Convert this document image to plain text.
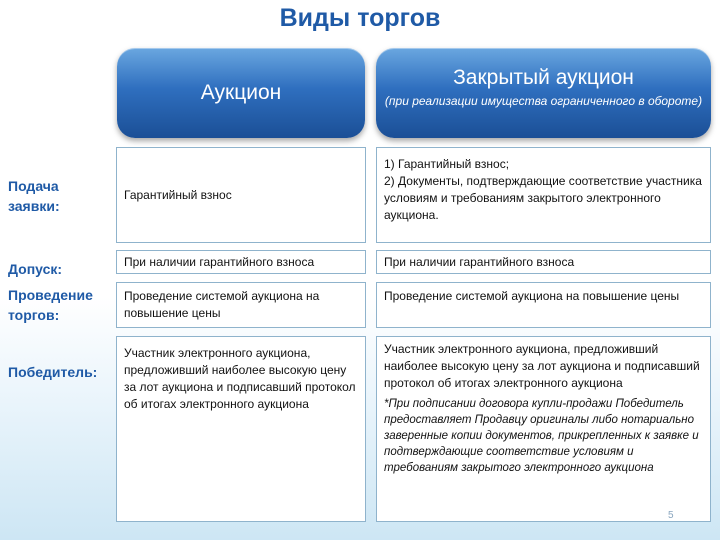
Виды торгов
Аукцион
Закрытый аукцион
(при реализации имущества ограниченного в обороте)
Подача заявки:
Гарантийный взнос
1) Гарантийный взнос;
2) Документы, подтверждающие соответствие участника условиям и требованиям закрытого электронного аукциона.
Допуск:	При наличии гарантийного взноса	При наличии гарантийного взноса
Проведение торгов:
Проведение системой аукциона на повышение цены
Проведение системой аукциона на повышение цены
Победитель:
Участник электронного аукциона, предложивший наиболее высокую цену за лот аукциона и подписавший протокол об итогах электронного аукциона
Участник электронного аукциона, предложивший наиболее высокую цену за лот аукциона и подписавший протокол об итогах электронного аукциона
*При подписании договора купли-продажи Победитель предоставляет Продавцу оригиналы либо нотариально заверенные копии документов, прикрепленных к заявке и подтверждающие соответствие условиям и требованиям закрытого электронного аукциона
5
